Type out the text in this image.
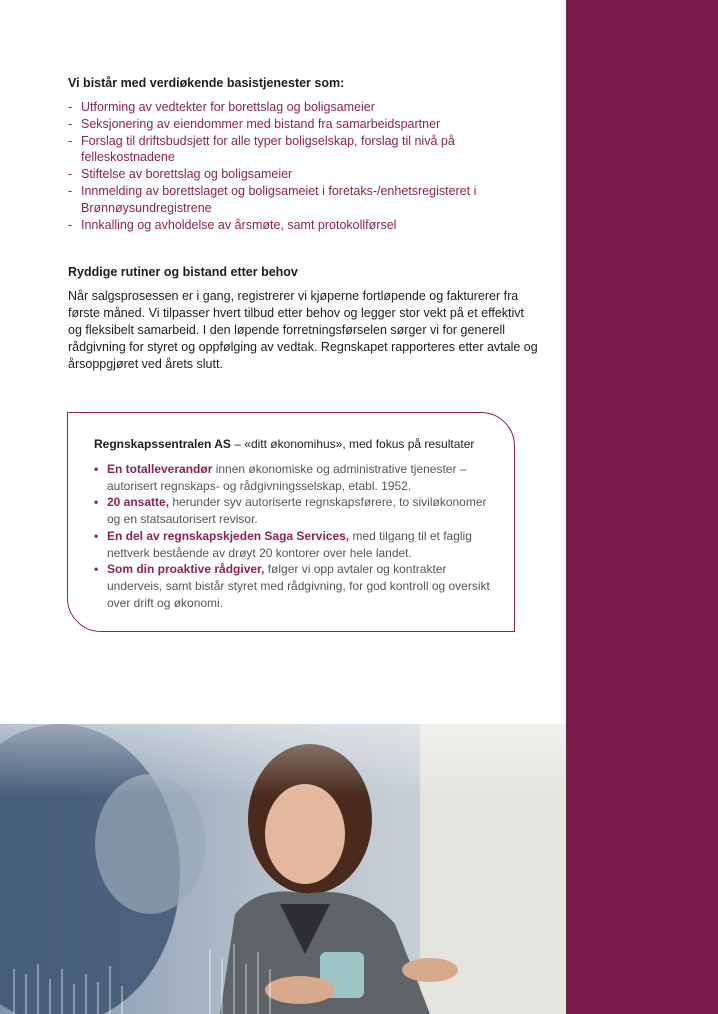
Vi bistår med verdiøkende basistjenester som:
- Utforming av vedtekter for borettslag og boligsameier
- Seksjonering av eiendommer med bistand fra samarbeidspartner
- Forslag til driftsbudsjett for alle typer boligselskap, forslag til nivå på felleskostnadene
- Stiftelse av borettslag og boligsameier
- Innmelding av borettslaget og boligsameiet i foretaks-/enhetsregisteret i Brønnøysundregistrene
- Innkalling og avholdelse av årsmøte, samt protokollførsel
Ryddige rutiner og bistand etter behov

Når salgsprosessen er i gang, registrerer vi kjøperne fortløpende og fakturerer fra første måned. Vi tilpasser hvert tilbud etter behov og legger stor vekt på et effektivt og fleksibelt samarbeid. I den løpende forretningsførselen sørger vi for generell rådgivning for styret og oppfølging av vedtak. Regnskapet rapporteres etter avtale og årsoppgjøret ved årets slutt.

Regnskapssentralen AS – «ditt økonomihus», med fokus på resultater
• En totalleverandør innen økonomiske og administrative tjenester – autorisert regnskaps- og rådgivningsselskap, etabl. 1952.
• 20 ansatte, herunder syv autoriserte regnskapsførere, to siviløkonomer og en statsautorisert revisor.
• En del av regnskapskjeden Saga Services, med tilgang til et faglig nettverk bestående av drøyt 20 kontorer over hele landet.
• Som din proaktive rådgiver, følger vi opp avtaler og kontrakter underveis, samt bistår styret med rådgivning, for god kontroll og oversikt over drift og økonomi.
